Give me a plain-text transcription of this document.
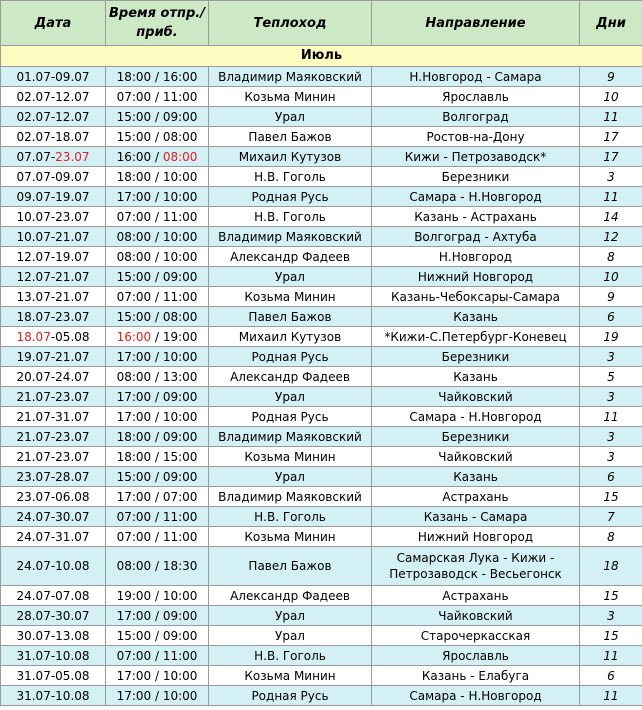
Дата	Время отпр./приб.	Теплоход	Направление	Дни
Июль				
01.07-09.07	18:00 / 16:00	Владимир Маяковский	Н.Новгород - Самара	9
02.07-12.07	07:00 / 11:00	Козьма Минин	Ярославль	10
02.07-12.07	15:00 / 09:00	Урал	Волгоград	11
02.07-18.07	15:00 / 08:00	Павел Бажов	Ростов-на-Дону	17
07.07-23.07	16:00 / 08:00	Михаил Кутузов	Кижи - Петрозаводск*	17
07.07-09.07	18:00 / 10:00	Н.В. Гоголь	Березники	3
09.07-19.07	17:00 / 10:00	Родная Русь	Самара - Н.Новгород	11
10.07-23.07	07:00 / 11:00	Н.В. Гоголь	Казань - Астрахань	14
10.07-21.07	08:00 / 10:00	Владимир Маяковский	Волгоград - Ахтуба	12
12.07-19.07	08:00 / 10:00	Александр Фадеев	Н.Новгород	8
12.07-21.07	15:00 / 09:00	Урал	Нижний Новгород	10
13.07-21.07	07:00 / 11:00	Козьма Минин	Казань-Чебоксары-Самара	9
18.07-23.07	15:00 / 08:00	Павел Бажов	Казань	6
18.07-05.08	16:00 / 19:00	Михаил Кутузов	*Кижи-С.Петербург-Коневец	19
19.07-21.07	17:00 / 10:00	Родная Русь	Березники	3
20.07-24.07	08:00 / 13:00	Александр Фадеев	Казань	5
21.07-23.07	17:00 / 09:00	Урал	Чайковский	3
21.07-31.07	17:00 / 10:00	Родная Русь	Самара - Н.Новгород	11
21.07-23.07	18:00 / 09:00	Владимир Маяковский	Березники	3
21.07-23.07	18:00 / 15:00	Козьма Минин	Чайковский	3
23.07-28.07	15:00 / 09:00	Урал	Казань	6
23.07-06.08	17:00 / 07:00	Владимир Маяковский	Астрахань	15
24.07-30.07	07:00 / 11:00	Н.В. Гоголь	Казань - Самара	7
24.07-31.07	07:00 / 11:00	Козьма Минин	Нижний Новгород	8
24.07-10.08	08:00 / 18:30	Павел Бажов	Самарская Лука - Кижи - Петрозаводск - Весьегонск	18
24.07-07.08	19:00 / 10:00	Александр Фадеев	Астрахань	15
28.07-30.07	17:00 / 09:00	Урал	Чайковский	3
30.07-13.08	15:00 / 09:00	Урал	Старочеркасская	15
31.07-10.08	07:00 / 11:00	Н.В. Гоголь	Ярославль	11
31.07-05.08	17:00 / 10:00	Козьма Минин	Казань - Елабуга	6
31.07-10.08	17:00 / 10:00	Родная Русь	Самара - Н.Новгород	11
